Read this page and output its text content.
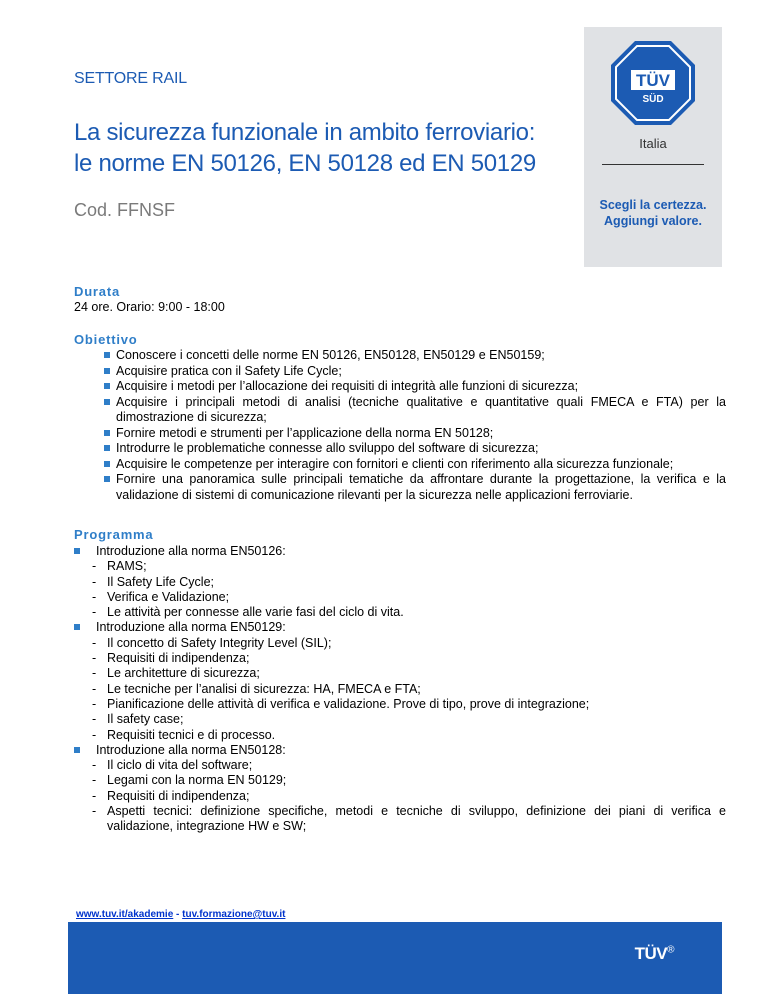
SETTORE RAIL
La sicurezza funzionale in ambito ferroviario:
le norme EN 50126, EN 50128 ed EN 50129
Cod. FFNSF
TÜV
SÜD
Italia
Scegli la certezza.
Aggiungi valore.
Durata
24 ore. Orario: 9:00 - 18:00
Obiettivo
Conoscere i concetti delle norme EN 50126, EN50128, EN50129 e EN50159;
Acquisire pratica con il Safety Life Cycle;
Acquisire i metodi per l’allocazione dei requisiti di integrità alle funzioni di sicurezza;
Acquisire i principali metodi di analisi (tecniche qualitative e quantitative quali FMECA e FTA) per la dimostrazione di sicurezza;
Fornire metodi e strumenti per l’applicazione della norma EN 50128;
Introdurre le problematiche connesse allo sviluppo del software di sicurezza;
Acquisire le competenze per interagire con fornitori e clienti con riferimento alla sicurezza funzionale;
Fornire una panoramica sulle principali tematiche da affrontare durante la progettazione, la verifica e la validazione di sistemi di comunicazione rilevanti per la sicurezza nelle applicazioni ferroviarie.
Programma
Introduzione alla norma EN50126:
- RAMS;
- Il Safety Life Cycle;
- Verifica e Validazione;
- Le attività per connesse alle varie fasi del ciclo di vita.
Introduzione alla norma EN50129:
- Il concetto di Safety Integrity Level (SIL);
- Requisiti di indipendenza;
- Le architetture di sicurezza;
- Le tecniche per l’analisi di sicurezza: HA, FMECA e FTA;
- Pianificazione delle attività di verifica e validazione. Prove di tipo, prove di integrazione;
- Il safety case;
- Requisiti tecnici e di processo.
Introduzione alla norma EN50128:
- Il ciclo di vita del software;
- Legami con la norma EN 50129;
- Requisiti di indipendenza;
- Aspetti tecnici: definizione specifiche, metodi e tecniche di sviluppo, definizione dei piani di verifica e validazione, integrazione HW e SW;
www.tuv.it/akademie - tuv.formazione@tuv.it
TÜV®
